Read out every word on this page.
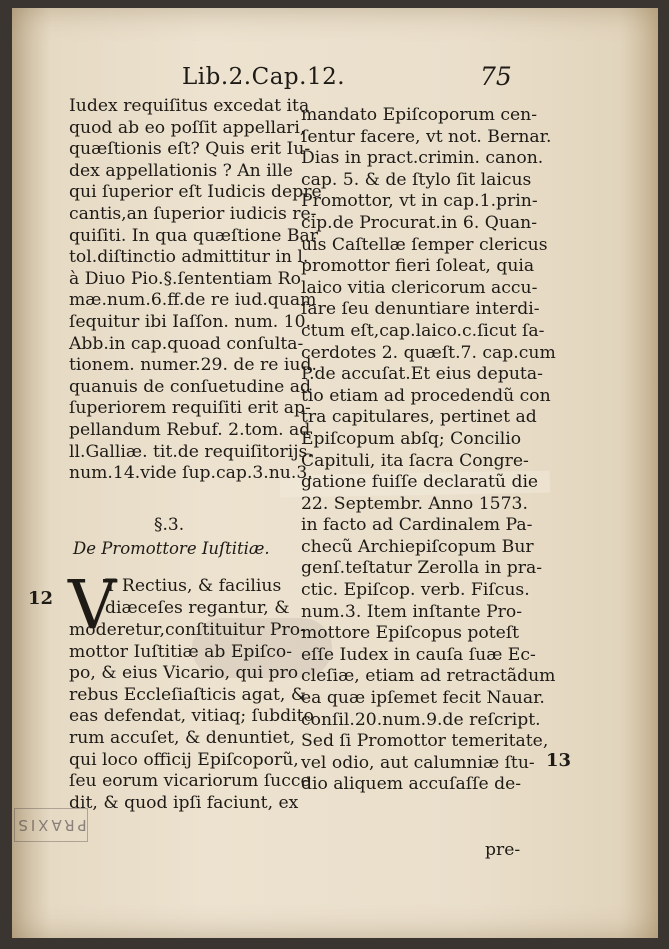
Lib.2.Cap.12.	75
Iudex requiſitus excedat ita
quod ab eo poſſit appellari,
quæſtionis eſt? Quis erit Iu-
dex appellationis ? An ille
qui ſuperior eſt Iudicis depre
cantis,an ſuperior iudicis re-
quiſiti. In qua quæſtione Bar
tol.diſtinctio admittitur in l.
à Diuo Pio.§.ſententiam Ro
mæ.num.6.ff.de re iud.quam
ſequitur ibi Iaſſon. num. 10.
Abb.in cap.quoad conſulta-
tionem. numer.29. de re iud.
quanuis de conſuetudine ad
ſuperiorem requiſiti erit ap-
pellandum Rebuf. 2.tom. ad
ll.Galliæ. tit.de requiſitorijs.
num.14.vide ſup.cap.3.nu.3.
§.3.
De Promottore Iuſtitiæ.
V
T Rectius, & facilius
diæceſes regantur, &
moderetur,conſtituitur Pro-
mottor Iuſtitiæ ab Epiſco-
po, & eius Vicario, qui pro
rebus Eccleſiaſticis agat, &
eas defendat, vitiaq; ſubdito
rum accuſet, & denuntiet,
qui loco officij Epiſcoporũ,
ſeu eorum vicariorum ſucce
dit, & quod ipſi faciunt, ex
mandato Epiſcoporum cen-
ſentur facere, vt not. Bernar.
Dias in pract.crimin. canon.
cap. 5. & de ſtylo ſit laicus
Promottor, vt in cap.1.prin-
cip.de Procurat.in 6. Quan-
uis Caſtellæ ſemper clericus
promottor fieri ſoleat, quia
laico vitia clericorum accu-
ſare ſeu denuntiare interdi-
ctum eſt,cap.laico.c.ſicut ſa-
cerdotes 2. quæſt.7. cap.cum
P.de accuſat.Et eius deputa-
tio etiam ad procedendũ con
tra capitulares, pertinet ad
Epiſcopum abſq; Concilio
Capituli, ita ſacra Congre-
gatione fuiſſe declaratũ die
22. Septembr. Anno 1573.
in facto ad Cardinalem Pa-
checũ Archiepiſcopum Bur
genſ.teſtatur Zerolla in pra-
ctic. Epiſcop. verb. Fiſcus.
num.3. Item inſtante Pro-
mottore Epiſcopus poteſt
eſſe Iudex in cauſa ſuæ Ec-
cleſiæ, etiam ad retractãdum
ea quæ ipſemet fecit Nauar.
conſil.20.num.9.de reſcript.
Sed ſi Promottor temeritate,
vel odio, aut calumniæ ſtu-
dio aliquem accuſaſſe de-
pre-
12
13
PRAXIS
